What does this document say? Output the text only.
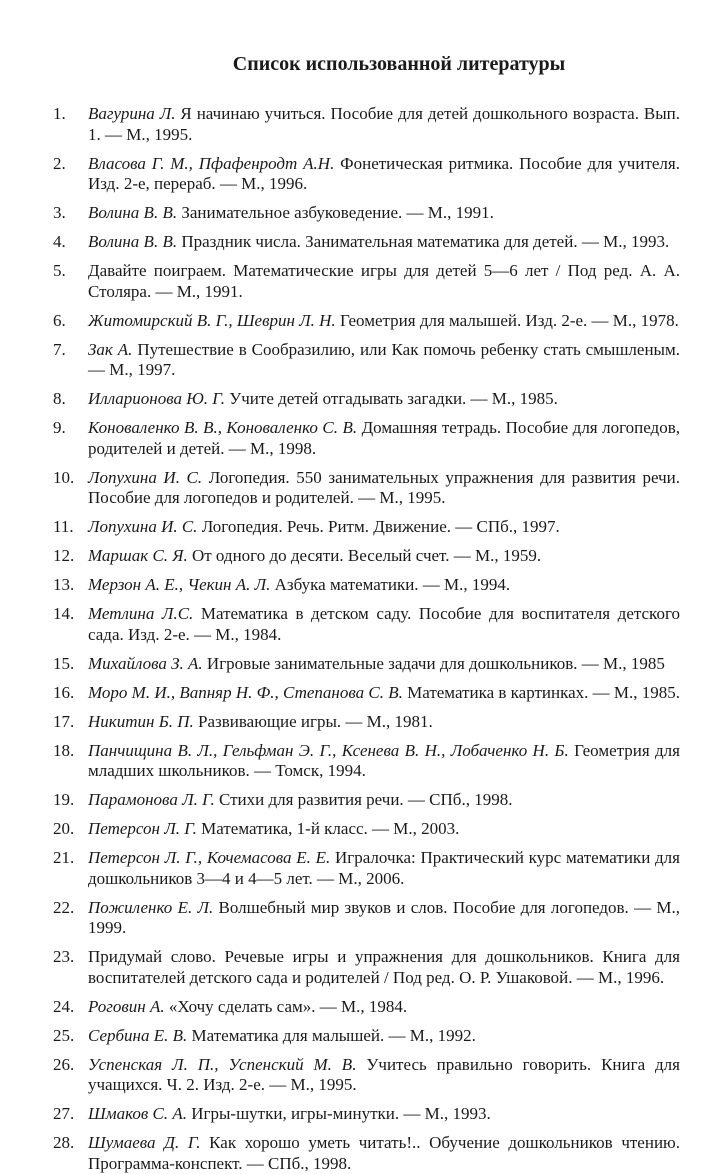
Список использованной литературы
1.	Вагурина Л. Я начинаю учиться. Пособие для детей дошкольного возраста. Вып. 1. — М., 1995.
2.	Власова Г. М., Пфафенродт А.Н. Фонетическая ритмика. Пособие для учителя. Изд. 2-е, перераб. — М., 1996.
3.	Волина В. В. Занимательное азбуковедение. — М., 1991.
4.	Волина В. В. Праздник числа. Занимательная математика для детей. — М., 1993.
5.	Давайте поиграем. Математические игры для детей 5—6 лет / Под ред. А. А. Столяра. — М., 1991.
6.	Житомирский В. Г., Шеврин Л. Н. Геометрия для малышей. Изд. 2-е. — М., 1978.
7.	Зак А. Путешествие в Сообразилию, или Как помочь ребенку стать смышленым. — М., 1997.
8.	Илларионова Ю. Г. Учите детей отгадывать загадки. — М., 1985.
9.	Коноваленко В. В., Коноваленко С. В. Домашняя тетрадь. Пособие для логопедов, родителей и детей. — М., 1998.
10. Лопухина И. С. Логопедия. 550 занимательных упражнения для развития речи. Пособие для логопедов и родителей. — М., 1995.
11. Лопухина И. С. Логопедия. Речь. Ритм. Движение. — СПб., 1997.
12. Маршак С. Я. От одного до десяти. Веселый счет. — М., 1959.
13. Мерзон А. Е., Чекин А. Л. Азбука математики. — М., 1994.
14. Метлина Л.С. Математика в детском саду. Пособие для воспитателя детского сада. Изд. 2-е. — М., 1984.
15. Михайлова З. А. Игровые занимательные задачи для дошкольников. — М., 1985
16. Моро М. И., Вапняр Н. Ф., Степанова С. В. Математика в картинках. — М., 1985.
17. Никитин Б. П. Развивающие игры. — М., 1981.
18. Панчищина В. Л., Гельфман Э. Г., Ксенева В. Н., Лобаченко Н. Б. Геометрия для младших школьников. — Томск, 1994.
19. Парамонова Л. Г. Стихи для развития речи. — СПб., 1998.
20. Петерсон Л. Г. Математика, 1-й класс. — М., 2003.
21. Петерсон Л. Г., Кочемасова Е. Е. Игралочка: Практический курс математики для дошкольников 3—4 и 4—5 лет. — М., 2006.
22. Пожиленко Е. Л. Волшебный мир звуков и слов. Пособие для логопедов. — М., 1999.
23. Придумай слово. Речевые игры и упражнения для дошкольников. Книга для воспитателей детского сада и родителей / Под ред. О. Р. Ушаковой. — М., 1996.
24. Роговин А. «Хочу сделать сам». — М., 1984.
25. Сербина Е. В. Математика для малышей. — М., 1992.
26. Успенская Л. П., Успенский М. В. Учитесь правильно говорить. Книга для учащихся. Ч. 2. Изд. 2-е. — М., 1995.
27. Шмаков С. А. Игры-шутки, игры-минутки. — М., 1993.
28. Шумаева Д. Г. Как хорошо уметь читать!.. Обучение дошкольников чтению. Программа-конспект. — СПб., 1998.
